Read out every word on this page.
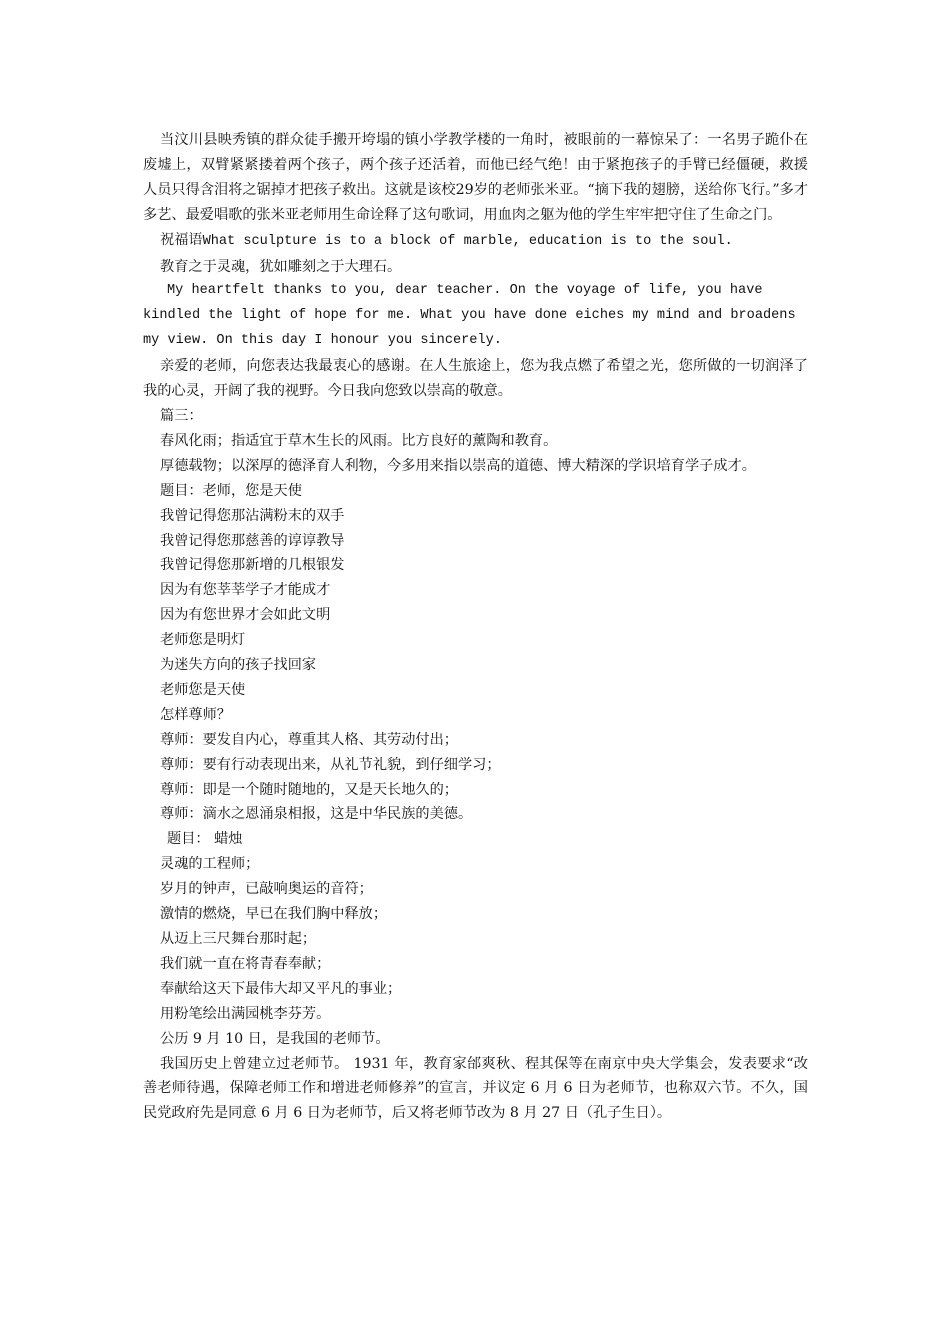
当汶川县映秀镇的群众徒手搬开垮塌的镇小学教学楼的一角时，被眼前的一幕惊呆了：一名男子跪仆在废墟上，双臂紧紧搂着两个孩子，两个孩子还活着，而他已经气绝！由于紧抱孩子的手臂已经僵硬，救援人员只得含泪将之锯掉才把孩子救出。这就是该校29岁的老师张米亚。“摘下我的翅膀，送给你飞行。”多才多艺、最爱唱歌的张米亚老师用生命诠释了这句歌词，用血肉之躯为他的学生牢牢把守住了生命之门。

祝福语What sculpture is to a block of marble, education is to the soul.

教育之于灵魂，犹如雕刻之于大理石。

My heartfelt thanks to you, dear teacher. On the voyage of life, you have kindled the light of hope for me. What you have done eiches my mind and broadens my view. On this day I honour you sincerely.

亲爱的老师，向您表达我最衷心的感谢。在人生旅途上，您为我点燃了希望之光，您所做的一切润泽了我的心灵，开阔了我的视野。今日我向您致以崇高的敬意。

篇三：

春风化雨；指适宜于草木生长的风雨。比方良好的薰陶和教育。

厚德载物；以深厚的德泽育人利物，今多用来指以崇高的道德、博大精深的学识培育学子成才。

题目：老师，您是天使

我曾记得您那沾满粉末的双手

我曾记得您那慈善的谆谆教导

我曾记得您那新增的几根银发

因为有您莘莘学子才能成才

因为有您世界才会如此文明

老师您是明灯

为迷失方向的孩子找回家

老师您是天使

怎样尊师？

尊师：要发自内心，尊重其人格、其劳动付出；

尊师：要有行动表现出来，从礼节礼貌，到仔细学习；

尊师：即是一个随时随地的，又是天长地久的；

尊师：滴水之恩涌泉相报，这是中华民族的美德。

题目： 蜡烛

灵魂的工程师；

岁月的钟声，已敲响奥运的音符；

激情的燃烧，早已在我们胸中释放；

从迈上三尺舞台那时起；

我们就一直在将青春奉献；

奉献给这天下最伟大却又平凡的事业；

用粉笔绘出满园桃李芬芳。

公历 9 月 10 日，是我国的老师节。

我国历史上曾建立过老师节。 1931 年，教育家邰爽秋、程其保等在南京中央大学集会，发表要求“改善老师待遇，保障老师工作和增进老师修养”的宣言，并议定 6 月 6 日为老师节，也称双六节。不久，国民党政府先是同意 6 月 6 日为老师节，后又将老师节改为 8 月 27 日（孔子生日）。
